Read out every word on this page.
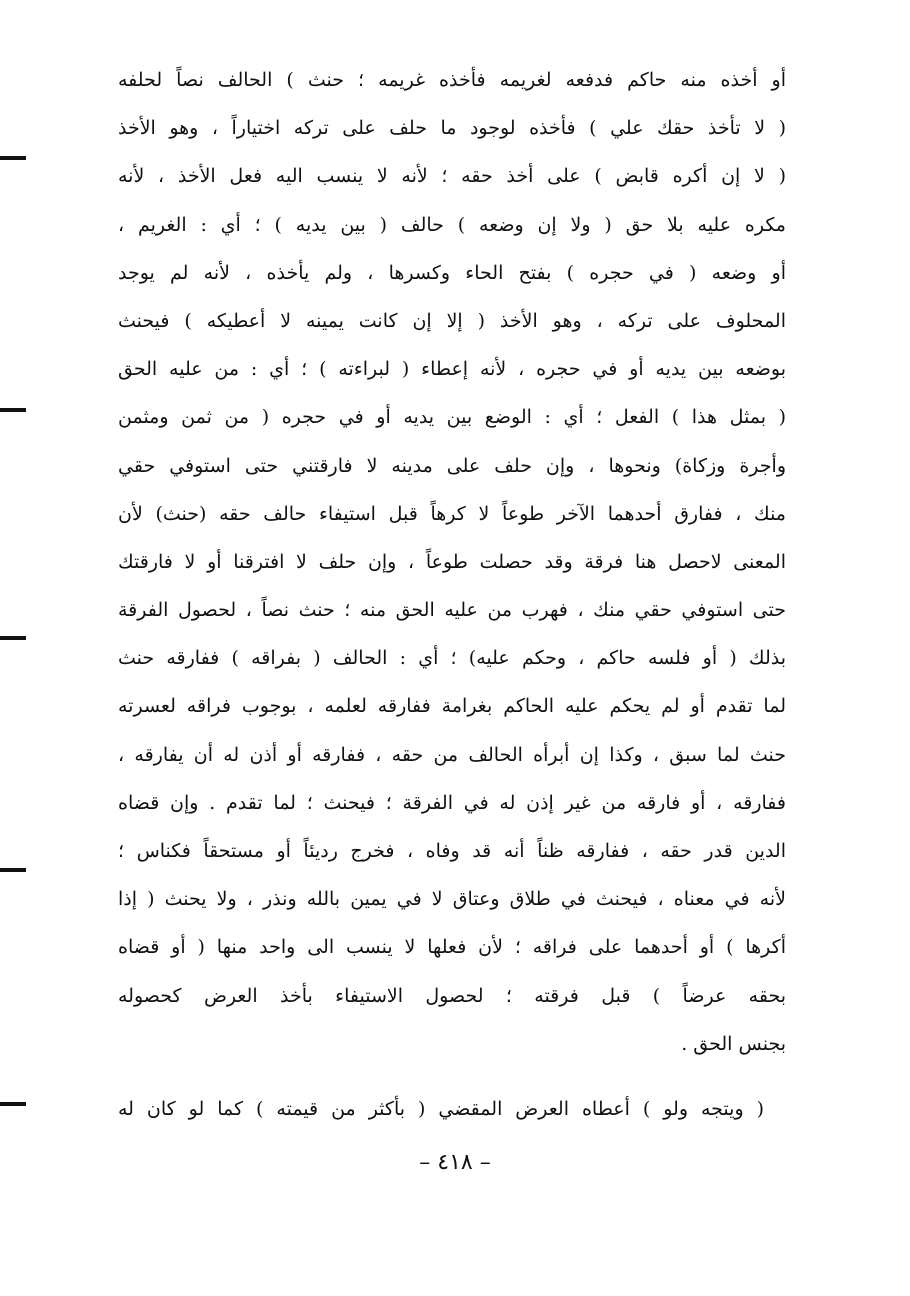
أو أخذه منه حاكم فدفعه لغريمه فأخذه غريمه ؛ حنث ) الحالف نصاً لحلفه
( لا تأخذ حقك علي ) فأخذه لوجود ما حلف على تركه اختياراً ، وهو الأخذ
( لا إن أكره قابض ) على أخذ حقه ؛ لأنه لا ينسب اليه فعل الأخذ ، لأنه
مكره عليه بلا حق ( ولا إن وضعه ) حالف ( بين يديه ) ؛ أي : الغريم ،
أو وضعه ( في حجره ) بفتح الحاء وكسرها ، ولم يأخذه ، لأنه لم يوجد
المحلوف على تركه ، وهو الأخذ ( إلا إن كانت يمينه لا أعطيكه ) فيحنث
بوضعه بين يديه أو في حجره ، لأنه إعطاء ( لبراءته ) ؛ أي : من عليه الحق
( بمثل هذا ) الفعل ؛ أي : الوضع بين يديه أو في حجره ( من ثمن ومثمن
وأجرة وزكاة) ونحوها ، وإن حلف على مدينه لا فارقتني حتى استوفي حقي
منك ، ففارق أحدهما الآخر طوعاً لا كرهاً قبل استيفاء حالف حقه (حنث) لأن
المعنى لاحصل هنا فرقة وقد حصلت طوعاً ، وإن حلف لا افترقنا أو لا فارقتك
حتى استوفي حقي منك ، فهرب من عليه الحق منه ؛ حنث نصاً ، لحصول الفرقة
بذلك ( أو فلسه حاكم ، وحكم عليه) ؛ أي : الحالف ( بفراقه ) ففارقه حنث
لما تقدم أو لم يحكم عليه الحاكم بغرامة ففارقه لعلمه ، بوجوب فراقه لعسرته
حنث لما سبق ، وكذا إن أبرأه الحالف من حقه ، ففارقه أو أذن له أن يفارقه ،
ففارقه ، أو فارقه من غير إذن له في الفرقة ؛ فيحنث ؛ لما تقدم . وإن قضاه
الدين قدر حقه ، ففارقه ظناً أنه قد وفاه ، فخرج رديئاً أو مستحقاً فكناس ؛
لأنه في معناه ، فيحنث في طلاق وعتاق لا في يمين بالله ونذر ، ولا يحنث ( إذا
أكرها ) أو أحدهما على فراقه ؛ لأن فعلها لا ينسب الى واحد منها ( أو قضاه
بحقه عرضاً ) قبل فرقته ؛ لحصول الاستيفاء بأخذ العرض كحصوله
بجنس الحق .
( ويتجه ولو ) أعطاه العرض المقضي ( بأكثر من قيمته ) كما لو كان له
– ٤١٨ –
